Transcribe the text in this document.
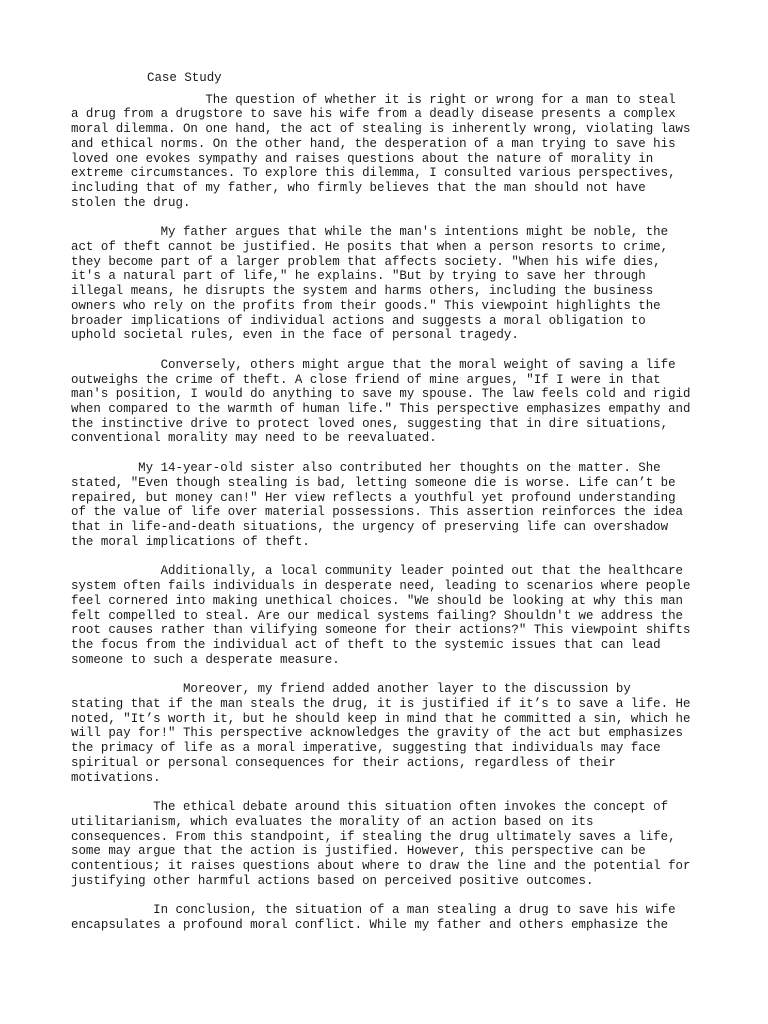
Case Study

The question of whether it is right or wrong for a man to steal
a drug from a drugstore to save his wife from a deadly disease presents a complex
moral dilemma. On one hand, the act of stealing is inherently wrong, violating laws
and ethical norms. On the other hand, the desperation of a man trying to save his
loved one evokes sympathy and raises questions about the nature of morality in
extreme circumstances. To explore this dilemma, I consulted various perspectives,
including that of my father, who firmly believes that the man should not have
stolen the drug.

My father argues that while the man's intentions might be noble, the
act of theft cannot be justified. He posits that when a person resorts to crime,
they become part of a larger problem that affects society. "When his wife dies,
it's a natural part of life," he explains. "But by trying to save her through
illegal means, he disrupts the system and harms others, including the business
owners who rely on the profits from their goods." This viewpoint highlights the
broader implications of individual actions and suggests a moral obligation to
uphold societal rules, even in the face of personal tragedy.

Conversely, others might argue that the moral weight of saving a life
outweighs the crime of theft. A close friend of mine argues, "If I were in that
man's position, I would do anything to save my spouse. The law feels cold and rigid
when compared to the warmth of human life." This perspective emphasizes empathy and
the instinctive drive to protect loved ones, suggesting that in dire situations,
conventional morality may need to be reevaluated.

My 14-year-old sister also contributed her thoughts on the matter. She
stated, "Even though stealing is bad, letting someone die is worse. Life can’t be
repaired, but money can!" Her view reflects a youthful yet profound understanding
of the value of life over material possessions. This assertion reinforces the idea
that in life-and-death situations, the urgency of preserving life can overshadow
the moral implications of theft.

Additionally, a local community leader pointed out that the healthcare
system often fails individuals in desperate need, leading to scenarios where people
feel cornered into making unethical choices. "We should be looking at why this man
felt compelled to steal. Are our medical systems failing? Shouldn't we address the
root causes rather than vilifying someone for their actions?" This viewpoint shifts
the focus from the individual act of theft to the systemic issues that can lead
someone to such a desperate measure.

Moreover, my friend added another layer to the discussion by
stating that if the man steals the drug, it is justified if it’s to save a life. He
noted, "It’s worth it, but he should keep in mind that he committed a sin, which he
will pay for!" This perspective acknowledges the gravity of the act but emphasizes
the primacy of life as a moral imperative, suggesting that individuals may face
spiritual or personal consequences for their actions, regardless of their
motivations.

The ethical debate around this situation often invokes the concept of
utilitarianism, which evaluates the morality of an action based on its
consequences. From this standpoint, if stealing the drug ultimately saves a life,
some may argue that the action is justified. However, this perspective can be
contentious; it raises questions about where to draw the line and the potential for
justifying other harmful actions based on perceived positive outcomes.

In conclusion, the situation of a man stealing a drug to save his wife
encapsulates a profound moral conflict. While my father and others emphasize the
